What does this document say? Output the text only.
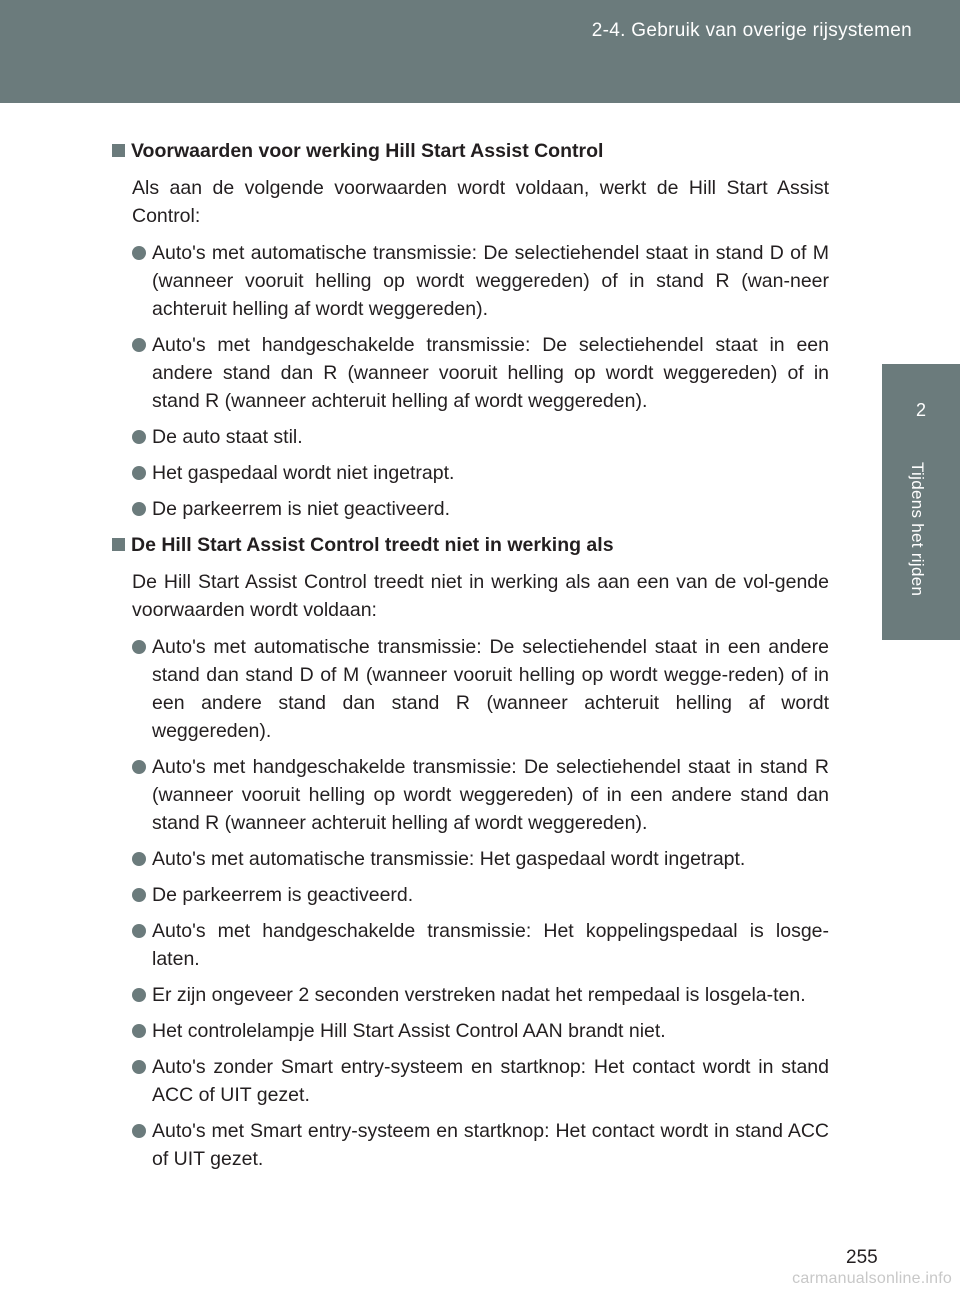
2-4. Gebruik van overige rijsystemen
2
Tijdens het rijden
Voorwaarden voor werking Hill Start Assist Control

Als aan de volgende voorwaarden wordt voldaan, werkt de Hill Start Assist Control:

Auto's met automatische transmissie: De selectiehendel staat in stand D of M (wanneer vooruit helling op wordt weggereden) of in stand R (wan-neer achteruit helling af wordt weggereden).
Auto's met handgeschakelde transmissie: De selectiehendel staat in een andere stand dan R (wanneer vooruit helling op wordt weggereden) of in stand R (wanneer achteruit helling af wordt weggereden).
De auto staat stil.
Het gaspedaal wordt niet ingetrapt.
De parkeerrem is niet geactiveerd.
De Hill Start Assist Control treedt niet in werking als

De Hill Start Assist Control treedt niet in werking als aan een van de vol-gende voorwaarden wordt voldaan:

Auto's met automatische transmissie: De selectiehendel staat in een andere stand dan stand D of M (wanneer vooruit helling op wordt wegge-reden) of in een andere stand dan stand R (wanneer achteruit helling af wordt weggereden).
Auto's met handgeschakelde transmissie: De selectiehendel staat in stand R (wanneer vooruit helling op wordt weggereden) of in een andere stand dan stand R (wanneer achteruit helling af wordt weggereden).
Auto's met automatische transmissie: Het gaspedaal wordt ingetrapt.
De parkeerrem is geactiveerd.
Auto's met handgeschakelde transmissie: Het koppelingspedaal is losge-laten.
Er zijn ongeveer 2 seconden verstreken nadat het rempedaal is losgela-ten.
Het controlelampje Hill Start Assist Control AAN brandt niet.
Auto's zonder Smart entry-systeem en startknop: Het contact wordt in stand ACC of UIT gezet.
Auto's met Smart entry-systeem en startknop: Het contact wordt in stand ACC of UIT gezet.
255
carmanualsonline.info
